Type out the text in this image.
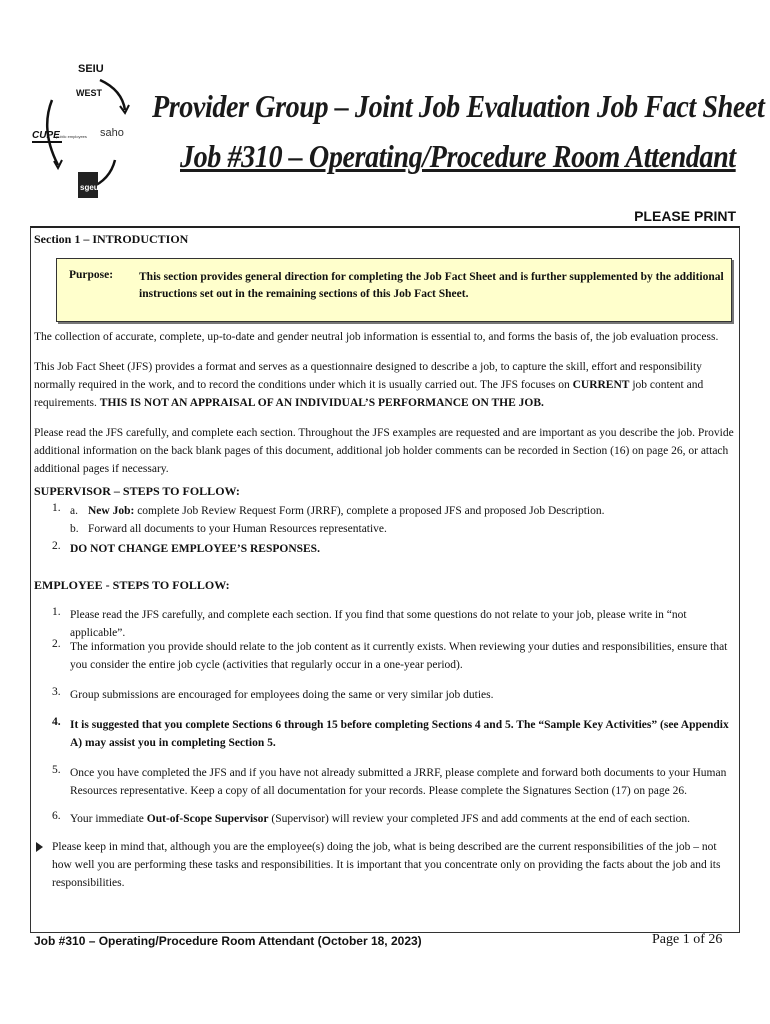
SEIU
WEST
CUPE
public employees saho
sgeu
Provider Group – Joint Job Evaluation Job Fact Sheet
Job #310 – Operating/Procedure Room Attendant
PLEASE PRINT
Section 1 – INTRODUCTION
Purpose: This section provides general direction for completing the Job Fact Sheet and is further supplemented by the additional instructions set out in the remaining sections of this Job Fact Sheet.
The collection of accurate, complete, up-to-date and gender neutral job information is essential to, and forms the basis of, the job evaluation process.
This Job Fact Sheet (JFS) provides a format and serves as a questionnaire designed to describe a job, to capture the skill, effort and responsibility normally required in the work, and to record the conditions under which it is usually carried out. The JFS focuses on CURRENT job content and requirements. THIS IS NOT AN APPRAISAL OF AN INDIVIDUAL’S PERFORMANCE ON THE JOB.
Please read the JFS carefully, and complete each section. Throughout the JFS examples are requested and are important as you describe the job. Provide additional information on the back blank pages of this document, additional job holder comments can be recorded in Section (16) on page 26, or attach additional pages if necessary.
SUPERVISOR – STEPS TO FOLLOW:
1. a. New Job: complete Job Review Request Form (JRRF), complete a proposed JFS and proposed Job Description.
b. Forward all documents to your Human Resources representative.
2. DO NOT CHANGE EMPLOYEE’S RESPONSES.
EMPLOYEE - STEPS TO FOLLOW:
1. Please read the JFS carefully, and complete each section. If you find that some questions do not relate to your job, please write in “not applicable”.
2. The information you provide should relate to the job content as it currently exists. When reviewing your duties and responsibilities, ensure that you consider the entire job cycle (activities that regularly occur in a one-year period).
3. Group submissions are encouraged for employees doing the same or very similar job duties.
4. It is suggested that you complete Sections 6 through 15 before completing Sections 4 and 5. The “Sample Key Activities” (see Appendix A) may assist you in completing Section 5.
5. Once you have completed the JFS and if you have not already submitted a JRRF, please complete and forward both documents to your Human Resources representative. Keep a copy of all documentation for your records. Please complete the Signatures Section (17) on page 26.
6. Your immediate Out-of-Scope Supervisor (Supervisor) will review your completed JFS and add comments at the end of each section.
Please keep in mind that, although you are the employee(s) doing the job, what is being described are the current responsibilities of the job – not how well you are performing these tasks and responsibilities. It is important that you concentrate only on providing the facts about the job and its responsibilities.
Job #310 – Operating/Procedure Room Attendant (October 18, 2023)	Page 1 of 26
